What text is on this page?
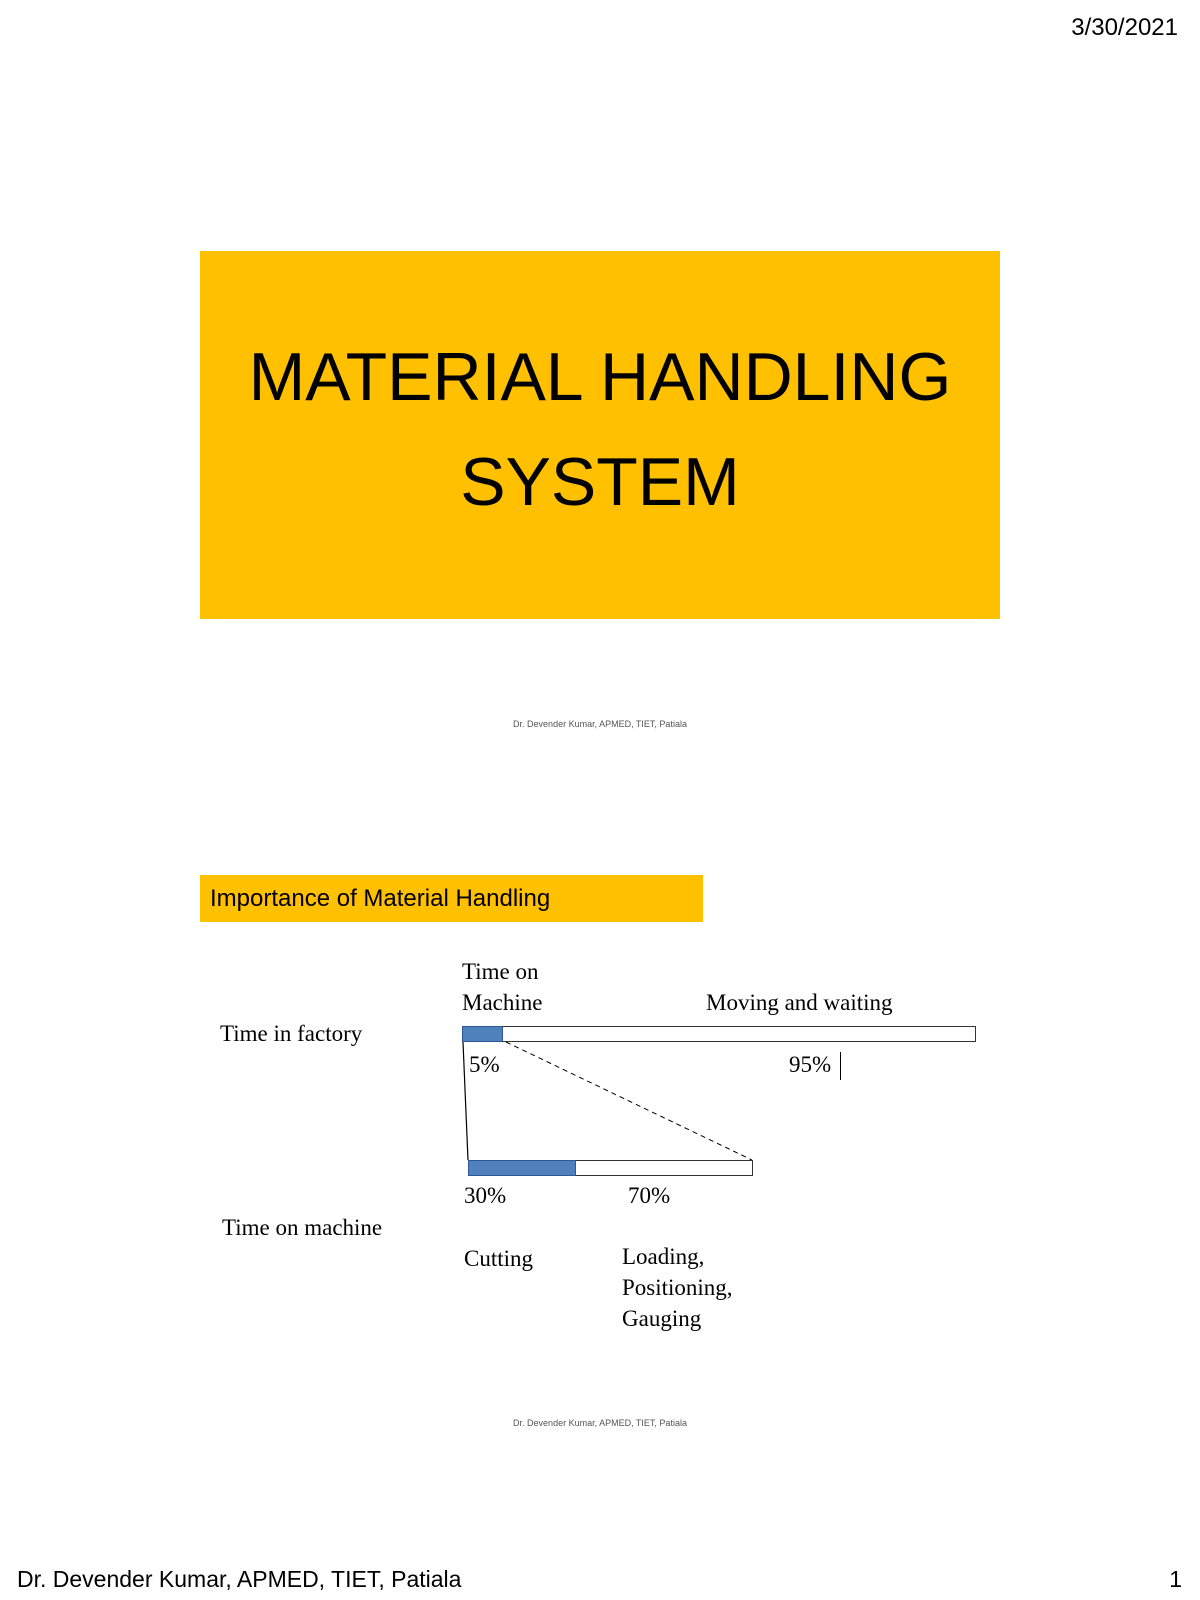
3/30/2021
MATERIAL HANDLING
SYSTEM
Dr. Devender Kumar, APMED, TIET, Patiala
Importance of Material Handling
Time on
Machine	Moving and waiting
Time in factory
5%	95%
30%	70%
Time on machine
Cutting	Loading,
Positioning,
Gauging
Dr. Devender Kumar, APMED, TIET, Patiala
Dr. Devender Kumar, APMED, TIET, Patiala	1
